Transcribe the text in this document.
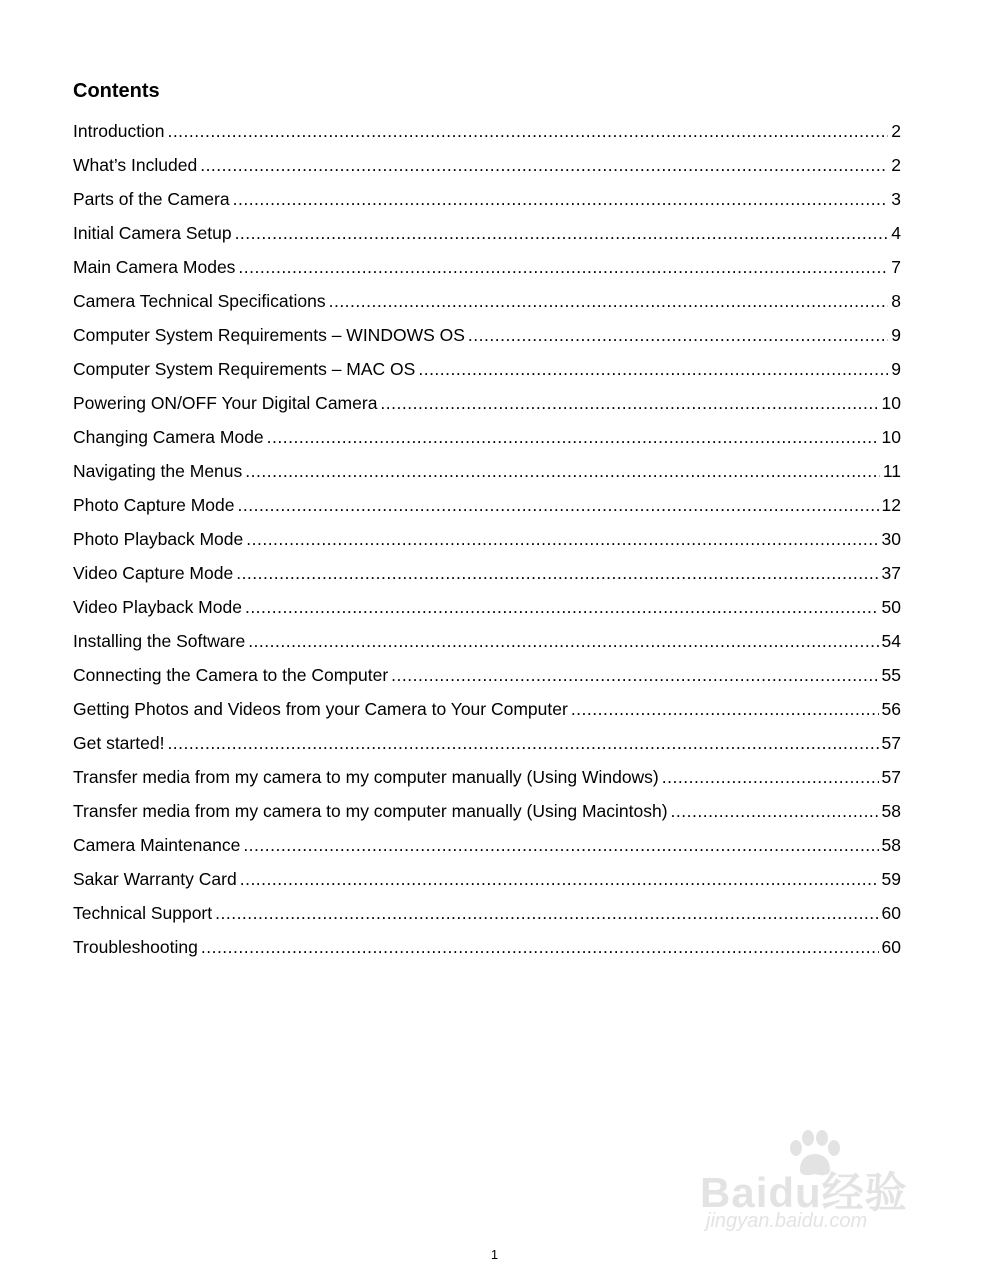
Contents
Introduction .....	2
What’s Included .....	2
Parts of the Camera .....	3
Initial Camera Setup .....	4
Main Camera Modes .....	7
Camera Technical Specifications .....	8
Computer System Requirements – WINDOWS OS .....	9
Computer System Requirements – MAC OS .....	9
Powering ON/OFF Your Digital Camera .....	10
Changing Camera Mode .....	10
Navigating the Menus .....	11
Photo Capture Mode .....	12
Photo Playback Mode .....	30
Video Capture Mode .....	37
Video Playback Mode .....	50
Installing the Software .....	54
Connecting the Camera to the Computer .....	55
Getting Photos and Videos from your Camera to Your Computer .....	56
Get started! .....	57
Transfer media from my camera to my computer manually (Using Windows) .....	57
Transfer media from my camera to my computer manually (Using Macintosh) .....	58
Camera Maintenance .....	58
Sakar Warranty Card .....	59
Technical Support .....	60
Troubleshooting .....	60
1
Baidu经验
jingyan.baidu.com
